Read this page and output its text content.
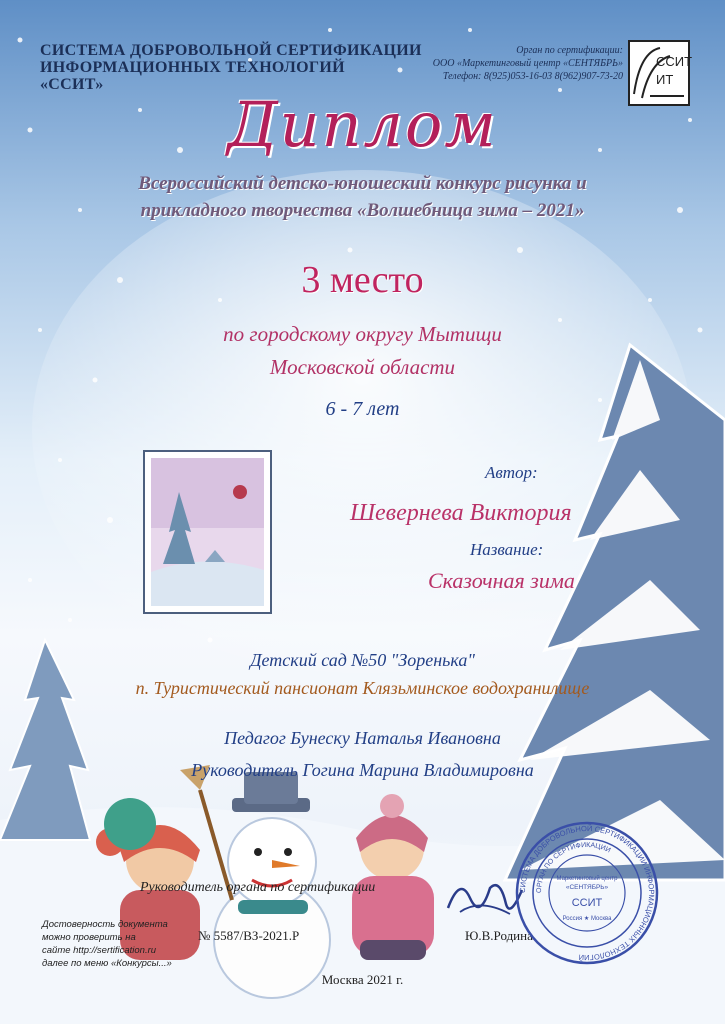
СИСТЕМА ДОБРОВОЛЬНОЙ СЕРТИФИКАЦИИ
ИНФОРМАЦИОННЫХ ТЕХНОЛОГИЙ
«ССИТ»
Орган по сертификации:
ООО «Маркетинговый центр «СЕНТЯБРЬ»
Телефон: 8(925)053-16-03 8(962)907-73-20
ССИТ
ИТ
Диплом
Всероссийский детско-юношеский конкурс рисунка и
прикладного творчества «Волшебница зима – 2021»
3 место
по городскому округу Мытищи
Московской области
6 - 7 лет
Автор:
Шевернева Виктория
Название:
Сказочная зима
Детский сад №50 "Зоренька"
п. Туристический пансионат Клязьминское водохранилище
Педагог Бунеску Наталья Ивановна
Руководитель Гогина Марина Владимировна
Руководитель органа по сертификации
№ 5587/ВЗ-2021.Р	Ю.В.Родина
Достоверность документа
можно проверить на
сайте http://sertification.ru
далее по меню «Конкурсы...»
Москва 2021 г.
СИСТЕМА ДОБРОВОЛЬНОЙ СЕРТИФИКАЦИИ ИНФОРМАЦИОННЫХ ТЕХНОЛОГИЙ
ОРГАН ПО СЕРТИФИКАЦИИ
Маркетинговый центр
«СЕНТЯБРЬ»
ССИТ
Россия ★ Москва
